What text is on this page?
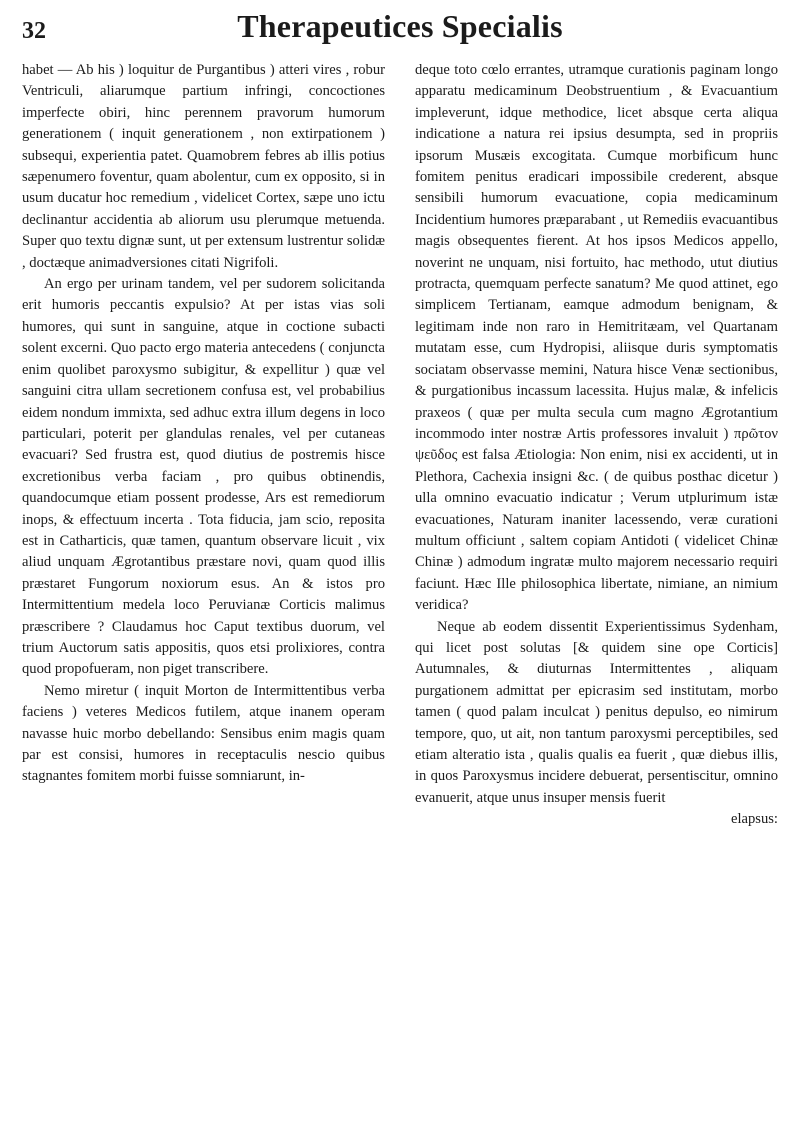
32	Therapeutices Specialis

habet — Ab his ) loquitur de Purgantibus ) atteri vires , robur Ventriculi, aliarumque partium infringi, concoctiones imperfecte obiri, hinc perennem pravorum humorum generationem ( inquit generationem , non extirpationem ) subsequi, experientia patet. Quamobrem febres ab illis potius sæpenumero foventur, quam abolentur, cum ex opposito, si in usum ducatur hoc remedium , videlicet Cortex, sæpe uno ictu declinantur accidentia ab aliorum usu plerumque metuenda. Super quo textu dignæ sunt, ut per extensum lustrentur solidæ , doctæque animadversiones citati Nigrifoli.

An ergo per urinam tandem, vel per sudorem solicitanda erit humoris peccantis expulsio? At per istas vias soli humores, qui sunt in sanguine, atque in coctione subacti solent excerni. Quo pacto ergo materia antecedens ( conjuncta enim quolibet paroxysmo subigitur, & expellitur ) quæ vel sanguini citra ullam secretionem confusa est, vel probabilius eidem nondum immixta, sed adhuc extra illum degens in loco particulari, poterit per glandulas renales, vel per cutaneas evacuari? Sed frustra est, quod diutius de postremis hisce excretionibus verba faciam , pro quibus obtinendis, quandocumque etiam possent prodesse, Ars est remediorum inops, & effectuum incerta . Tota fiducia, jam scio, reposita est in Catharticis, quæ tamen, quantum observare licuit , vix aliud unquam Ægrotantibus præstare novi, quam quod illis præstaret Fungorum noxiorum esus. An & istos pro Intermittentium medela loco Peruvianæ Corticis malimus præscribere ? Claudamus hoc Caput textibus duorum, vel trium Auctorum satis appositis, quos etsi prolixiores, contra quod propofueram, non piget transcribere.

Nemo miretur ( inquit Morton de Intermittentibus verba faciens ) veteres Medicos futilem, atque inanem operam navasse huic morbo debellando: Sensibus enim magis quam par est consisi, humores in receptaculis nescio quibus stagnantes fomitem morbi fuisse somniarunt, in-

deque toto cœlo errantes, utramque curationis paginam longo apparatu medicaminum Deobstruentium , & Evacuantium impleverunt, idque methodice, licet absque certa aliqua indicatione a natura rei ipsius desumpta, sed in propriis ipsorum Musæis excogitata. Cumque morbificum hunc fomitem penitus eradicari impossibile crederent, absque sensibili humorum evacuatione, copia medicaminum Incidentium humores præparabant , ut Remediis evacuantibus magis obsequentes fierent. At hos ipsos Medicos appello, noverint ne unquam, nisi fortuito, hac methodo, utut diutius protracta, quemquam perfecte sanatum? Me quod attinet, ego simplicem Tertianam, eamque admodum benignam, & legitimam inde non raro in Hemitritæam, vel Quartanam mutatam esse, cum Hydropisi, aliisque duris symptomatis sociatam observasse memini, Natura hisce Venæ sectionibus, & purgationibus incassum lacessita. Hujus malæ, & infelicis praxeos ( quæ per multa secula cum magno Ægrotantium incommodo inter nostræ Artis professores invaluit ) πρῶτον ψεῦδος est falsa Ætiologia: Non enim, nisi ex accidenti, ut in Plethora, Cachexia insigni &c. ( de quibus posthac dicetur ) ulla omnino evacuatio indicatur ; Verum utplurimum istæ evacuationes, Naturam inaniter lacessendo, veræ curationi multum officiunt , saltem copiam Antidoti ( videlicet Chinæ Chinæ ) admodum ingratæ multo majorem necessario requiri faciunt. Hæc Ille philosophica libertate, nimiane, an nimium veridica?

Neque ab eodem dissentit Experientissimus Sydenham, qui licet post solutas [& quidem sine ope Corticis] Autumnales, & diuturnas Intermittentes , aliquam purgationem admittat per epicrasim sed institutam, morbo tamen ( quod palam inculcat ) penitus depulso, eo nimirum tempore, quo, ut ait, non tantum paroxysmi perceptibiles, sed etiam alteratio ista , qualis qualis ea fuerit , quæ diebus illis, in quos Paroxysmus incidere debuerat, persentiscitur, omnino evanuerit, atque unus insuper mensis fuerit

elapsus:
